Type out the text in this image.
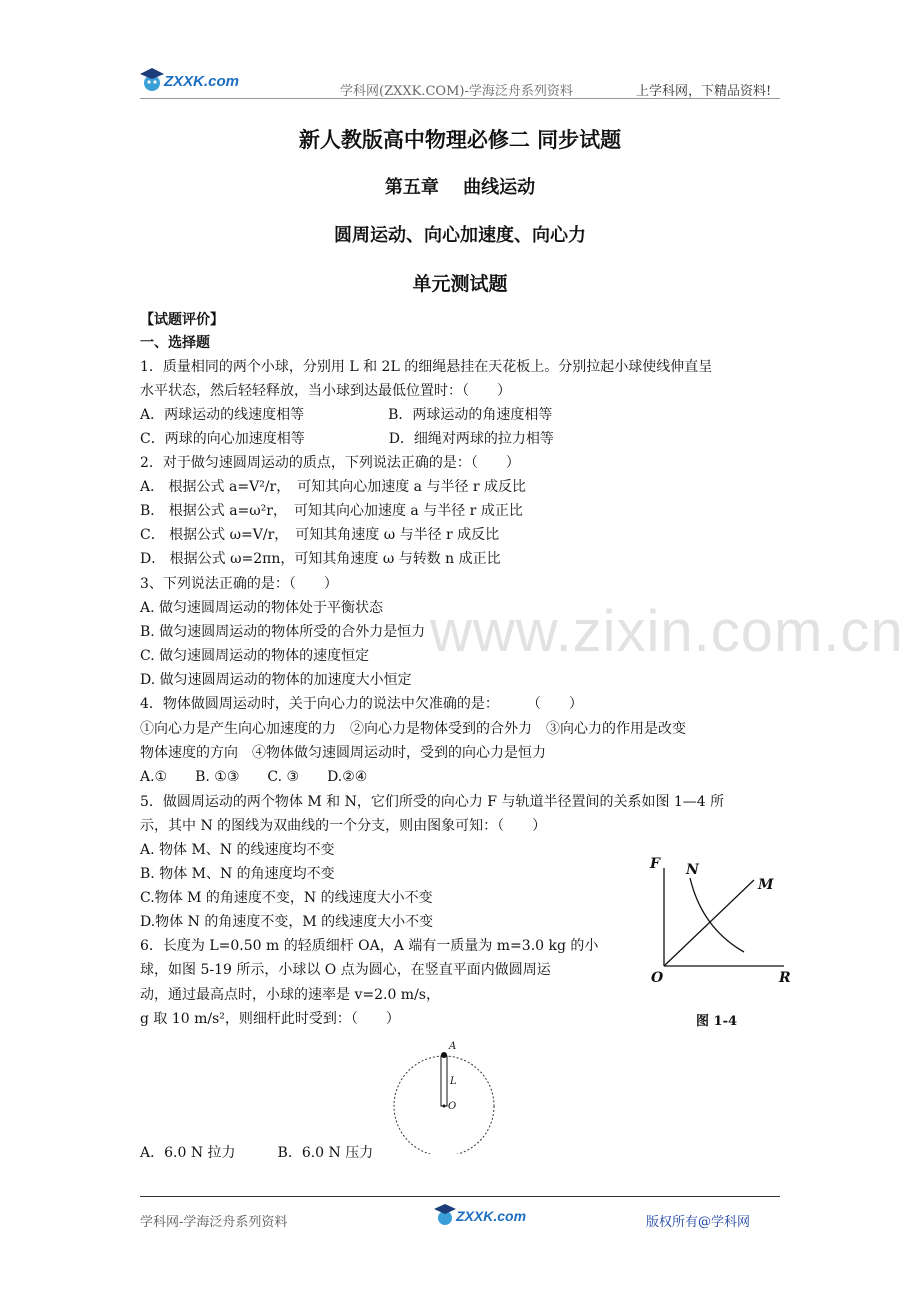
ZXXK.com
学科网(ZXXK.COM)-学海泛舟系列资料	上学科网，下精品资料!
新人教版高中物理必修二 同步试题
第五章　 曲线运动
圆周运动、向心加速度、向心力
单元测试题
www.zixin.com.cn
【试题评价】
一、选择题
1．质量相同的两个小球，分别用 L 和 2L 的细绳悬挂在天花板上。分别拉起小球使线伸直呈
水平状态，然后轻轻释放，当小球到达最低位置时：（　　）
A．两球运动的线速度相等　　　　　　B．两球运动的角速度相等
C．两球的向心加速度相等　　　　　　D．细绳对两球的拉力相等
2．对于做匀速圆周运动的质点，下列说法正确的是：（　　）
A． 根据公式 a=V²/r，　可知其向心加速度 a 与半径 r 成反比
B． 根据公式 a=ω²r，　可知其向心加速度 a 与半径 r 成正比
C． 根据公式 ω=V/r，　可知其角速度 ω 与半径 r 成反比
D． 根据公式 ω=2πn，可知其角速度 ω 与转数 n 成正比
3、下列说法正确的是：（　　）
A. 做匀速圆周运动的物体处于平衡状态
B. 做匀速圆周运动的物体所受的合外力是恒力
C. 做匀速圆周运动的物体的速度恒定
D. 做匀速圆周运动的物体的加速度大小恒定
4．物体做圆周运动时，关于向心力的说法中欠准确的是：　　　（　　）
①向心力是产生向心加速度的力　②向心力是物体受到的合外力　③向心力的作用是改变
物体速度的方向　④物体做匀速圆周运动时，受到的向心力是恒力
A.①　　B. ①③　　C. ③　　D.②④
5．做圆周运动的两个物体 M 和 N，它们所受的向心力 F 与轨道半径置间的关系如图 1—4 所
示，其中 N 的图线为双曲线的一个分支，则由图象可知：（　　）
A. 物体 M、N 的线速度均不变
B. 物体 M、N 的角速度均不变
C.物体 M 的角速度不变，N 的线速度大小不变
D.物体 N 的角速度不变，M 的线速度大小不变
6．长度为 L=0.50 m 的轻质细杆 OA，A 端有一质量为 m=3.0 kg 的小
球，如图 5-19 所示，小球以 O 点为圆心，在竖直平面内做圆周运
动，通过最高点时，小球的速率是 v=2.0 m/s，
g 取 10 m/s²，则细杆此时受到：（　　）
F N
M
O	R
图 1-4
A
L
O
A．6.0 N 拉力　　　B．6.0 N 压力
学科网-学海泛舟系列资料	ZXXK.com	版权所有@学科网
